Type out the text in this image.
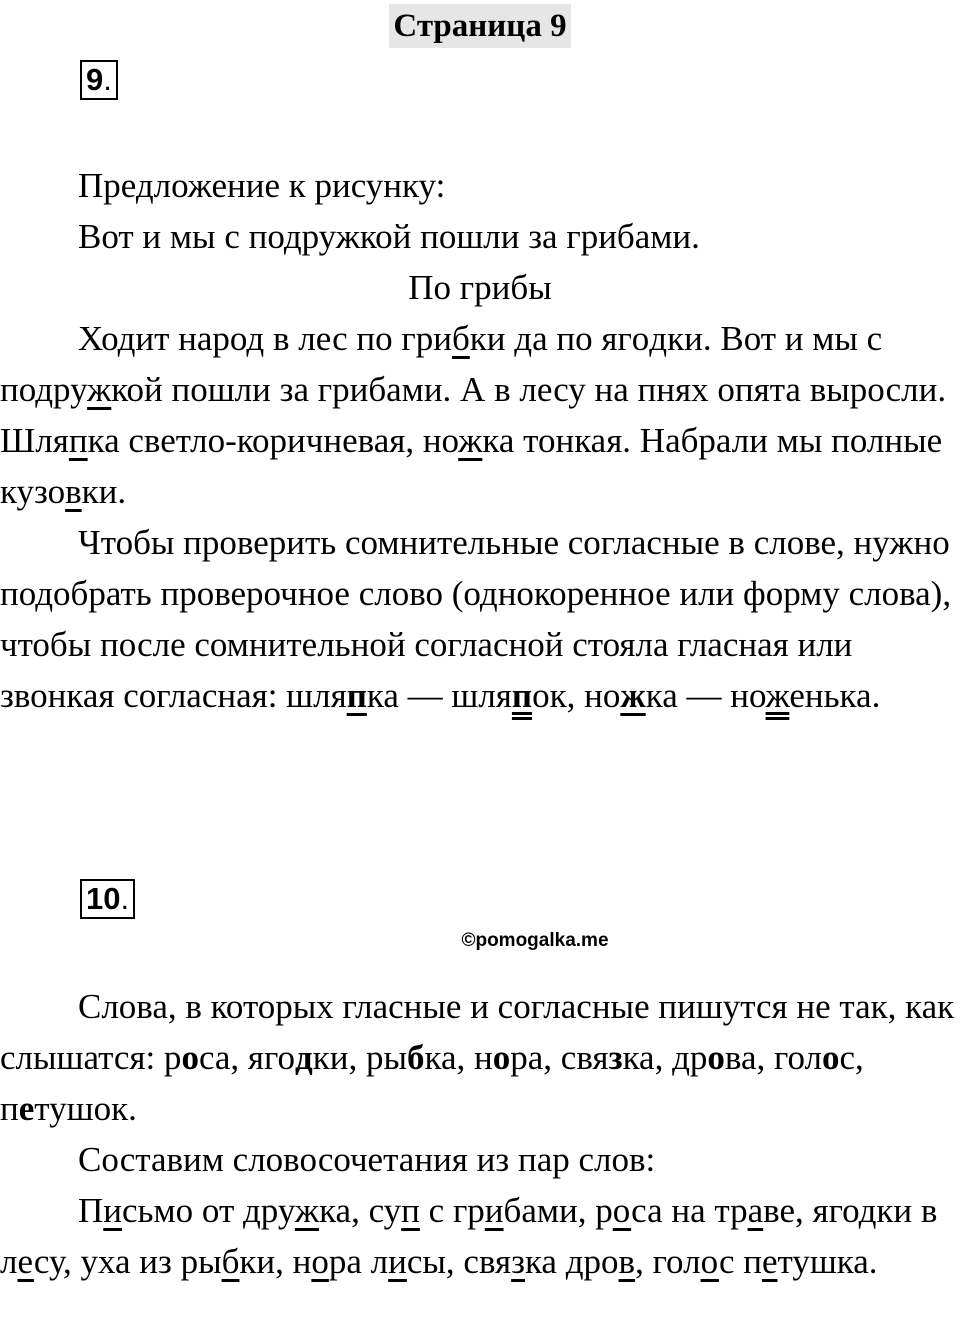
Страница 9
9.

Предложение к рисунку:

Вот и мы с подружкой пошли за грибами.

По грибы

Ходит народ в лес по грибки да по ягoдки. Вот и мы с подружкой пошли за грибами. А в лесу на пнях опята выросли. Шляпка светло-коричневая, ножка тонкая. Набрали мы полные кузовки.

Чтобы проверить сомнительные согласные в слове, нужно подобрать проверочное слово (однокоренное или форму слова), чтобы после сомнительной согласной стояла гласная или звонкая согласная: шляпка — шляпок, ножка — ноженька.

10.
©pomogalka.me

Слова, в которых гласные и согласные пишутся не так, как слышатся: роса, ягодки, рыбка, нора, связка, дрова, голос, петушок.

Составим словосочетания из пар слов:

Письмо от дружка, суп с грибами, роса на траве, ягодки в лесу, уха из рыбки, нора лисы, связка дров, голос петушка.
